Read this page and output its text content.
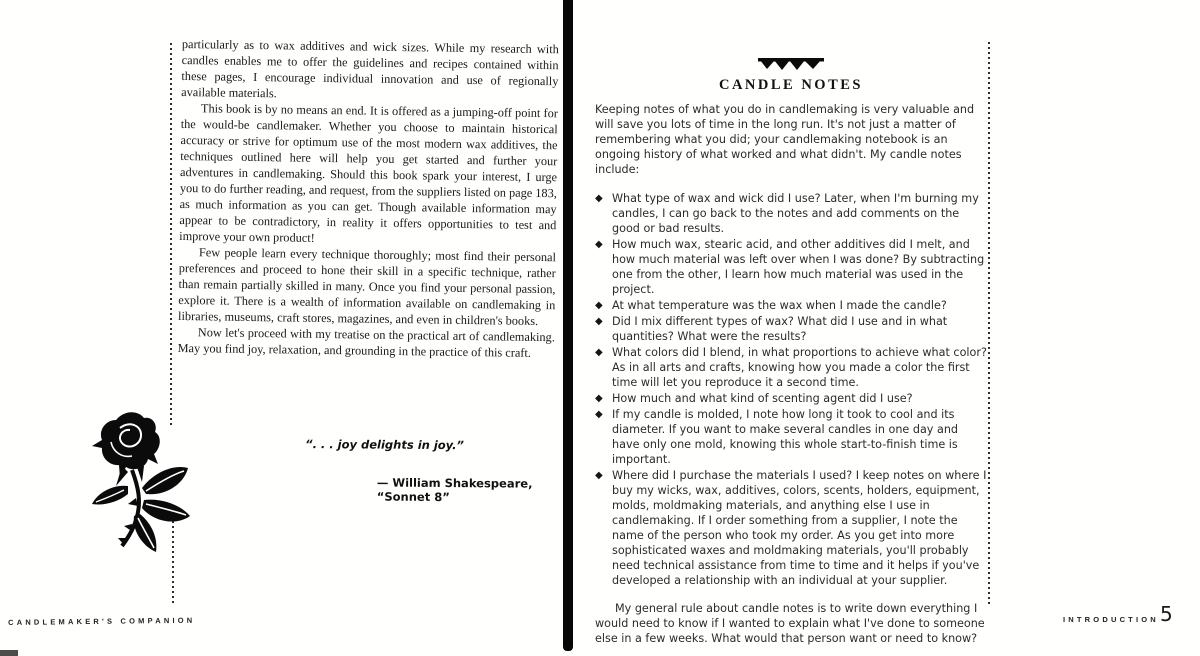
particularly as to wax additives and wick sizes. While my research with candles enables me to offer the guidelines and recipes contained within these pages, I encourage individual innovation and use of regionally available materials.

This book is by no means an end. It is offered as a jumping-off point for the would-be candlemaker. Whether you choose to maintain historical accuracy or strive for optimum use of the most modern wax additives, the techniques outlined here will help you get started and further your adventures in candlemaking. Should this book spark your interest, I urge you to do further reading, and request, from the suppliers listed on page 183, as much information as you can get. Though available information may appear to be contradictory, in reality it offers opportunities to test and improve your own product!

Few people learn every technique thoroughly; most find their personal preferences and proceed to hone their skill in a specific technique, rather than remain partially skilled in many. Once you find your personal passion, explore it. There is a wealth of information available on candlemaking in libraries, museums, craft stores, magazines, and even in children's books.

Now let's proceed with my treatise on the practical art of candlemaking. May you find joy, relaxation, and grounding in the practice of this craft.

“. . . joy delights in joy.”

— William Shakespeare, “Sonnet 8”

CANDLEMAKER'S COMPANION
CANDLE NOTES

Keeping notes of what you do in candlemaking is very valuable and will save you lots of time in the long run. It's not just a matter of remembering what you did; your candlemaking notebook is an ongoing history of what worked and what didn't. My candle notes include:

◆ What type of wax and wick did I use? Later, when I'm burning my candles, I can go back to the notes and add comments on the good or bad results.
◆ How much wax, stearic acid, and other additives did I melt, and how much material was left over when I was done? By subtracting one from the other, I learn how much material was used in the project.
◆ At what temperature was the wax when I made the candle?
◆ Did I mix different types of wax? What did I use and in what quantities? What were the results?
◆ What colors did I blend, in what proportions to achieve what color? As in all arts and crafts, knowing how you made a color the first time will let you reproduce it a second time.
◆ How much and what kind of scenting agent did I use?
◆ If my candle is molded, I note how long it took to cool and its diameter. If you want to make several candles in one day and have only one mold, knowing this whole start-to-finish time is important.
◆ Where did I purchase the materials I used? I keep notes on where I buy my wicks, wax, additives, colors, scents, holders, equipment, molds, moldmaking materials, and anything else I use in candlemaking. If I order something from a supplier, I note the name of the person who took my order. As you get into more sophisticated waxes and moldmaking materials, you'll probably need technical assistance from time to time and it helps if you've developed a relationship with an individual at your supplier.

My general rule about candle notes is to write down everything I would need to know if I wanted to explain what I've done to someone else in a few weeks. What would that person want or need to know?

INTRODUCTION 5
